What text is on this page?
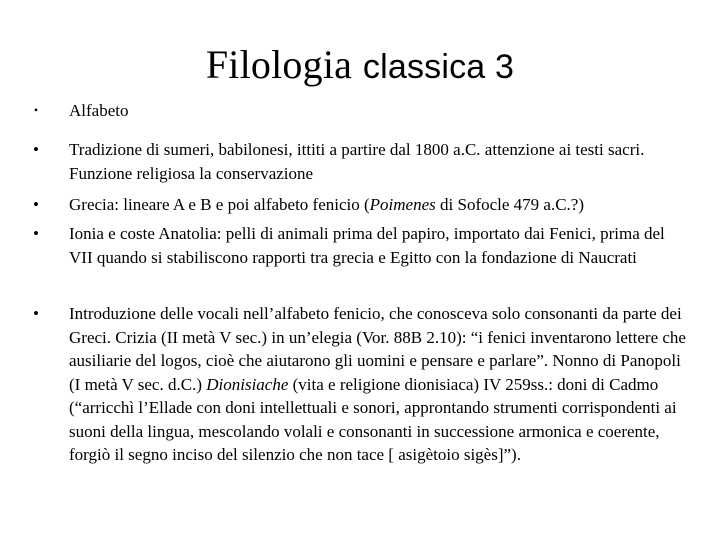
Filologia classica 3
•	Alfabeto
• Tradizione di sumeri, babilonesi, ittiti a partire dal 1800 a.C. attenzione ai testi sacri. Funzione religiosa la conservazione
• Grecia: lineare A e B e poi alfabeto fenicio (Poimenes di Sofocle 479 a.C.?)
• Ionia e coste Anatolia: pelli di animali prima del papiro, importato dai Fenici, prima del VII quando si stabiliscono rapporti tra grecia e Egitto con la fondazione di Naucrati
• Introduzione delle vocali nell’alfabeto fenicio, che conosceva solo consonanti da parte dei Greci. Crizia (II metà V sec.) in un’elegia (Vor. 88B 2.10): “i fenici inventarono lettere che ausiliarie del logos, cioè che aiutarono gli uomini e pensare e parlare”. Nonno di Panopoli (I metà V sec. d.C.) Dionisiache (vita e religione dionisiaca) IV 259ss.: doni di Cadmo (“arricchì l’Ellade con doni intellettuali e sonori, approntando strumenti corrispondenti ai suoni della lingua, mescolando volali e consonanti in successione armonica e coerente, forgiò il segno inciso del silenzio che non tace [ asigètoio sigès]”).
